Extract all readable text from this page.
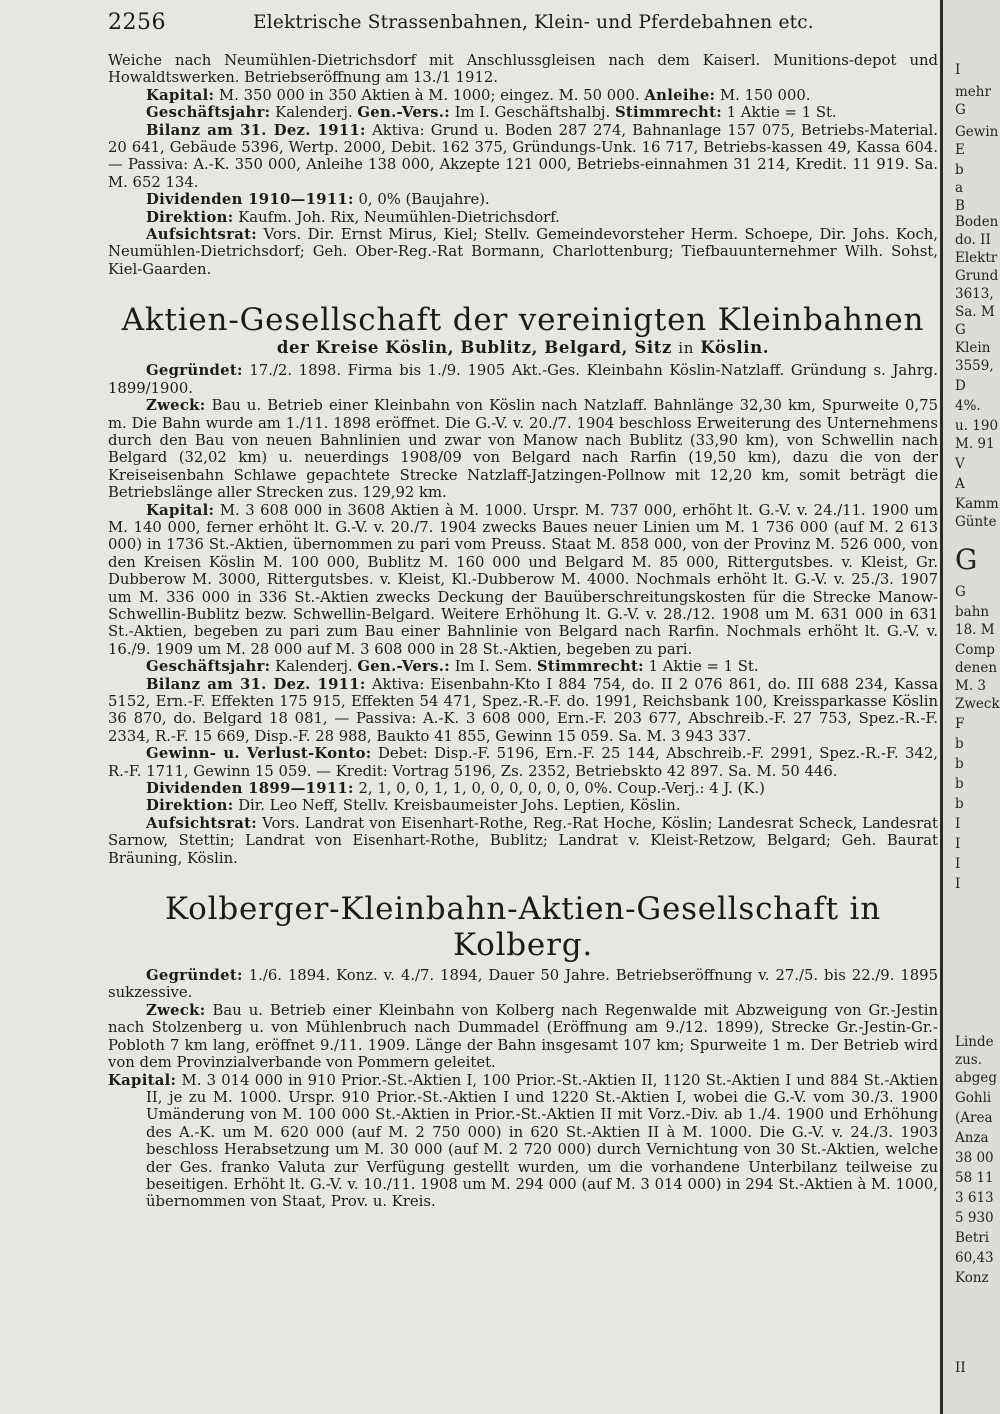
2256	Elektrische Strassenbahnen, Klein- und Pferdebahnen etc.

Weiche nach Neumühlen-Dietrichsdorf mit Anschlussgleisen nach dem Kaiserl. Munitions-depot und Howaldtswerken. Betriebseröffnung am 13./1 1912.

Kapital: M. 350 000 in 350 Aktien à M. 1000; eingez. M. 50 000. Anleihe: M. 150 000.

Geschäftsjahr: Kalenderj. Gen.-Vers.: Im I. Geschäftshalbj. Stimmrecht: 1 Aktie = 1 St.

Bilanz am 31. Dez. 1911: Aktiva: Grund u. Boden 287 274, Bahnanlage 157 075, Betriebs-Material. 20 641, Gebäude 5396, Wertp. 2000, Debit. 162 375, Gründungs-Unk. 16 717, Betriebs-kassen 49, Kassa 604. — Passiva: A.-K. 350 000, Anleihe 138 000, Akzepte 121 000, Betriebs-einnahmen 31 214, Kredit. 11 919. Sa. M. 652 134.

Dividenden 1910—1911: 0, 0% (Baujahre).

Direktion: Kaufm. Joh. Rix, Neumühlen-Dietrichsdorf.

Aufsichtsrat: Vors. Dir. Ernst Mirus, Kiel; Stellv. Gemeindevorsteher Herm. Schoepe, Dir. Johs. Koch, Neumühlen-Dietrichsdorf; Geh. Ober-Reg.-Rat Bormann, Charlottenburg; Tiefbauunternehmer Wilh. Sohst, Kiel-Gaarden.

Aktien-Gesellschaft der vereinigten Kleinbahnen
der Kreise Köslin, Bublitz, Belgard, Sitz in Köslin.

Gegründet: 17./2. 1898. Firma bis 1./9. 1905 Akt.-Ges. Kleinbahn Köslin-Natzlaff. Gründung s. Jahrg. 1899/1900.

Zweck: Bau u. Betrieb einer Kleinbahn von Köslin nach Natzlaff. Bahnlänge 32,30 km, Spurweite 0,75 m. Die Bahn wurde am 1./11. 1898 eröffnet. Die G.-V. v. 20./7. 1904 beschloss Erweiterung des Unternehmens durch den Bau von neuen Bahnlinien und zwar von Manow nach Bublitz (33,90 km), von Schwellin nach Belgard (32,02 km) u. neuerdings 1908/09 von Belgard nach Rarfin (19,50 km), dazu die von der Kreiseisenbahn Schlawe gepachtete Strecke Natzlaff-Jatzingen-Pollnow mit 12,20 km, somit beträgt die Betriebslänge aller Strecken zus. 129,92 km.

Kapital: M. 3 608 000 in 3608 Aktien à M. 1000. Urspr. M. 737 000, erhöht lt. G.-V. v. 24./11. 1900 um M. 140 000, ferner erhöht lt. G.-V. v. 20./7. 1904 zwecks Baues neuer Linien um M. 1 736 000 (auf M. 2 613 000) in 1736 St.-Aktien, übernommen zu pari vom Preuss. Staat M. 858 000, von der Provinz M. 526 000, von den Kreisen Köslin M. 100 000, Bublitz M. 160 000 und Belgard M. 85 000, Rittergutsbes. v. Kleist, Gr. Dubberow M. 3000, Rittergutsbes. v. Kleist, Kl.-Dubberow M. 4000. Nochmals erhöht lt. G.-V. v. 25./3. 1907 um M. 336 000 in 336 St.-Aktien zwecks Deckung der Bauüberschreitungskosten für die Strecke Manow-Schwellin-Bublitz bezw. Schwellin-Belgard. Weitere Erhöhung lt. G.-V. v. 28./12. 1908 um M. 631 000 in 631 St.-Aktien, begeben zu pari zum Bau einer Bahnlinie von Belgard nach Rarfin. Nochmals erhöht lt. G.-V. v. 16./9. 1909 um M. 28 000 auf M. 3 608 000 in 28 St.-Aktien, begeben zu pari.

Geschäftsjahr: Kalenderj. Gen.-Vers.: Im I. Sem. Stimmrecht: 1 Aktie = 1 St.

Bilanz am 31. Dez. 1911: Aktiva: Eisenbahn-Kto I 884 754, do. II 2 076 861, do. III 688 234, Kassa 5152, Ern.-F. Effekten 175 915, Effekten 54 471, Spez.-R.-F. do. 1991, Reichsbank 100, Kreissparkasse Köslin 36 870, do. Belgard 18 081, — Passiva: A.-K. 3 608 000, Ern.-F. 203 677, Abschreib.-F. 27 753, Spez.-R.-F. 2334, R.-F. 15 669, Disp.-F. 28 988, Baukto 41 855, Gewinn 15 059. Sa. M. 3 943 337.

Gewinn- u. Verlust-Konto: Debet: Disp.-F. 5196, Ern.-F. 25 144, Abschreib.-F. 2991, Spez.-R.-F. 342, R.-F. 1711, Gewinn 15 059. — Kredit: Vortrag 5196, Zs. 2352, Betriebskto 42 897. Sa. M. 50 446.

Dividenden 1899—1911: 2, 1, 0, 0, 1, 1, 0, 0, 0, 0, 0, 0, 0%. Coup.-Verj.: 4 J. (K.)

Direktion: Dir. Leo Neff, Stellv. Kreisbaumeister Johs. Leptien, Köslin.

Aufsichtsrat: Vors. Landrat von Eisenhart-Rothe, Reg.-Rat Hoche, Köslin; Landesrat Scheck, Landesrat Sarnow, Stettin; Landrat von Eisenhart-Rothe, Bublitz; Landrat v. Kleist-Retzow, Belgard; Geh. Baurat Bräuning, Köslin.

Kolberger-Kleinbahn-Aktien-Gesellschaft in Kolberg.

Gegründet: 1./6. 1894. Konz. v. 4./7. 1894, Dauer 50 Jahre. Betriebseröffnung v. 27./5. bis 22./9. 1895 sukzessive.

Zweck: Bau u. Betrieb einer Kleinbahn von Kolberg nach Regenwalde mit Abzweigung von Gr.-Jestin nach Stolzenberg u. von Mühlenbruch nach Dummadel (Eröffnung am 9./12. 1899), Strecke Gr.-Jestin-Gr.-Pobloth 7 km lang, eröffnet 9./11. 1909. Länge der Bahn insgesamt 107 km; Spurweite 1 m. Der Betrieb wird von dem Provinzialverbande von Pommern geleitet.

Kapital: M. 3 014 000 in 910 Prior.-St.-Aktien I, 100 Prior.-St.-Aktien II, 1120 St.-Aktien I und 884 St.-Aktien II, je zu M. 1000. Urspr. 910 Prior.-St.-Aktien I und 1220 St.-Aktien I, wobei die G.-V. vom 30./3. 1900 Umänderung von M. 100 000 St.-Aktien in Prior.-St.-Aktien II mit Vorz.-Div. ab 1./4. 1900 und Erhöhung des A.-K. um M. 620 000 (auf M. 2 750 000) in 620 St.-Aktien II à M. 1000. Die G.-V. v. 24./3. 1903 beschloss Herabsetzung um M. 30 000 (auf M. 2 720 000) durch Vernichtung von 30 St.-Aktien, welche der Ges. franko Valuta zur Verfügung gestellt wurden, um die vorhandene Unterbilanz teilweise zu beseitigen. Erhöht lt. G.-V. v. 10./11. 1908 um M. 294 000 (auf M. 3 014 000) in 294 St.-Aktien à M. 1000, übernommen von Staat, Prov. u. Kreis.

I
mehr
G
Gewin
E
b
a
B
Boden
do. II
Elektr
Grund
3613,
Sa. M
G
Klein
3559,
D
4%.
u. 190
M. 91
V
A
Kamm
Günte
G
G
bahn
18. M
Comp
denen
M. 3
Zweck
F
b
b
b
b
I
I
I
I
Linde
zus.
abgeg
Gohli
(Area
Anza
38 00
58 11
3 613
5 930
Betri
60,43
Konz
II
